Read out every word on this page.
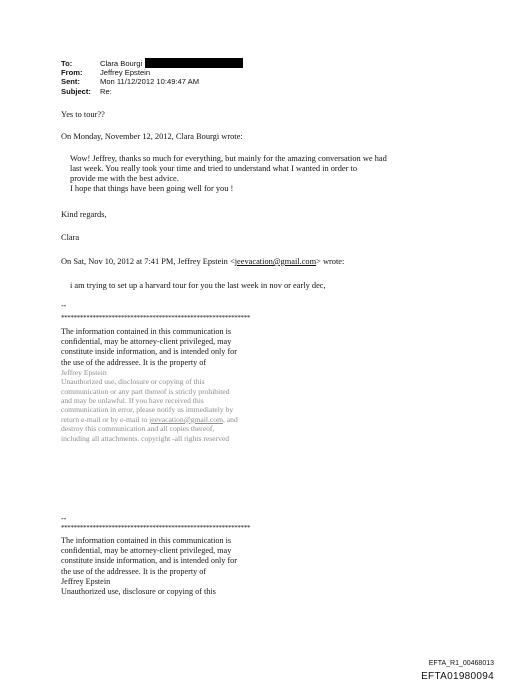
To:	Clara Bourgi
From:	Jeffrey Epstein
Sent:	Mon 11/12/2012 10:49:47 AM
Subject:	Re:
Yes to tour??
On Monday, November 12, 2012, Clara Bourgi wrote:
Wow! Jeffrey, thanks so much for everything, but mainly for the amazing conversation we had
last week. You really took your time and tried to understand what I wanted in order to
provide me with the best advice.
I hope that things have been going well for you !
Kind regards,
Clara
On Sat, Nov 10, 2012 at 7:41 PM, Jeffrey Epstein <jeevacation@gmail.com> wrote:
i am trying to set up a harvard tour for you the last week in nov or early dec,
--
************************************************************
The information contained in this communication is
confidential, may be attorney-client privileged, may
constitute inside information, and is intended only for
the use of the addressee. It is the property of
Jeffrey Epstein
Unauthorized use, disclosure or copying of this
communication or any part thereof is strictly prohibited
and may be unlawful. If you have received this
communication in error, please notify us immediately by
return e-mail or by e-mail to jeevacation@gmail.com, and
destroy this communication and all copies thereof,
including all attachments. copyright -all rights reserved
--
************************************************************
The information contained in this communication is
confidential, may be attorney-client privileged, may
constitute inside information, and is intended only for
the use of the addressee. It is the property of
Jeffrey Epstein
Unauthorized use, disclosure or copying of this
EFTA_R1_00468013
EFTA01980094
